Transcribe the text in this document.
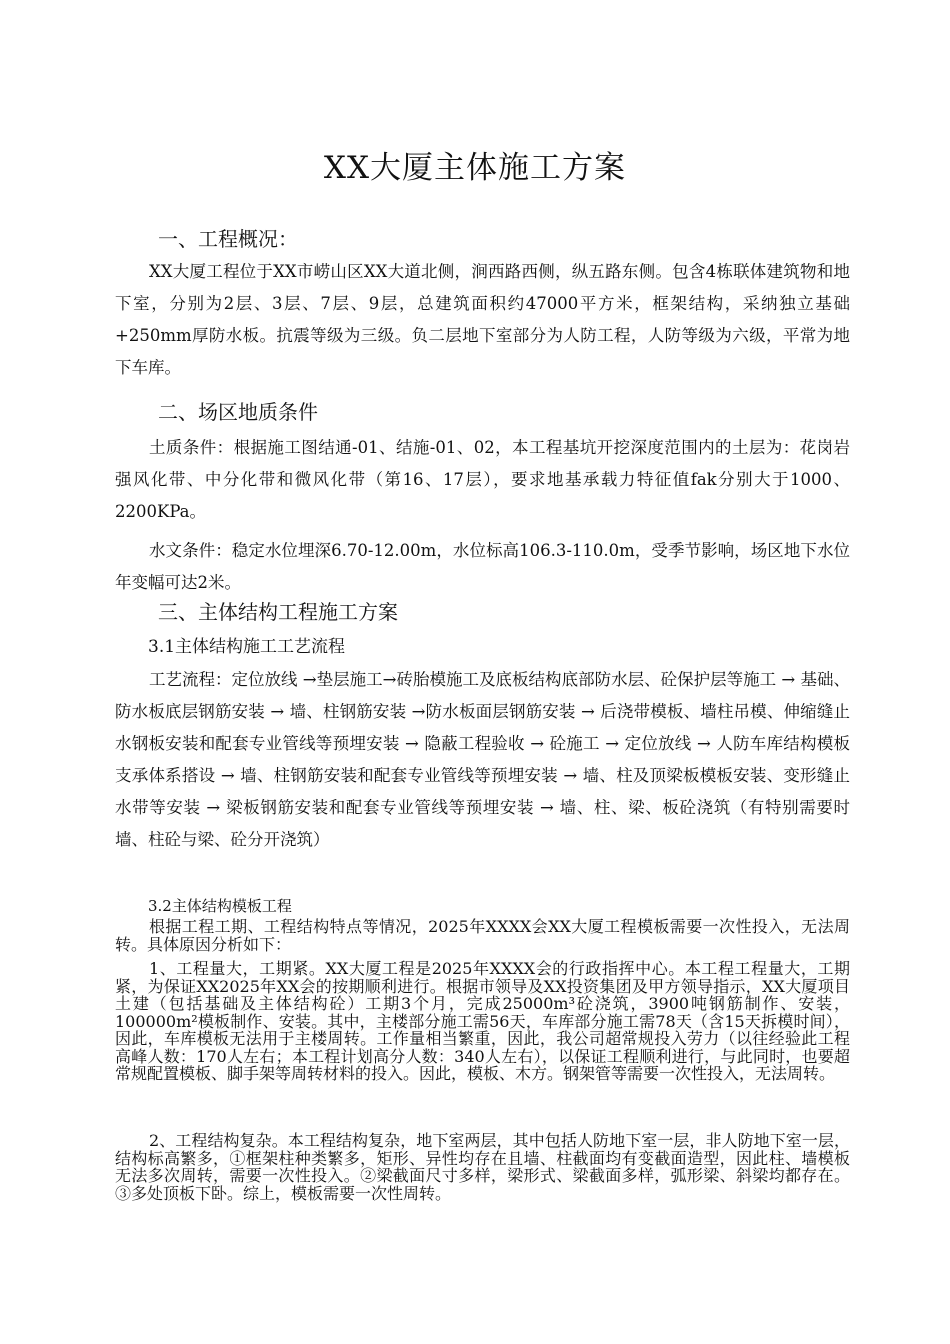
XX大厦主体施工方案
一、工程概况：

XX大厦工程位于XX市崂山区XX大道北侧，涧西路西侧，纵五路东侧。包含4栋联体建筑物和地下室，分别为2层、3层、7层、9层，总建筑面积约47000平方米，框架结构，采纳独立基础+250mm厚防水板。抗震等级为三级。负二层地下室部分为人防工程，人防等级为六级，平常为地下车库。

二、场区地质条件

土质条件：根据施工图结通-01、结施-01、02，本工程基坑开挖深度范围内的土层为：花岗岩强风化带、中分化带和微风化带（第16、17层），要求地基承载力特征值fak分别大于1000、2200KPa。

水文条件：稳定水位埋深6.70-12.00m，水位标高106.3-110.0m，受季节影响，场区地下水位年变幅可达2米。

三、主体结构工程施工方案
3.1主体结构施工工艺流程

工艺流程：定位放线 →垫层施工→砖胎模施工及底板结构底部防水层、砼保护层等施工 → 基础、防水板底层钢筋安装 → 墙、柱钢筋安装 →防水板面层钢筋安装 → 后浇带模板、墙柱吊模、伸缩缝止水钢板安装和配套专业管线等预埋安装 → 隐蔽工程验收 → 砼施工 → 定位放线 → 人防车库结构模板支承体系搭设 → 墙、柱钢筋安装和配套专业管线等预埋安装 → 墙、柱及顶梁板模板安装、变形缝止水带等安装 → 梁板钢筋安装和配套专业管线等预埋安装 → 墙、柱、梁、板砼浇筑（有特别需要时墙、柱砼与梁、砼分开浇筑）

3.2主体结构模板工程

根据工程工期、工程结构特点等情况，2025年XXXX会XX大厦工程模板需要一次性投入，无法周转。具体原因分析如下：

1、工程量大，工期紧。XX大厦工程是2025年XXXX会的行政指挥中心。本工程工程量大，工期紧，为保证XX2025年XX会的按期顺利进行。根据市领导及XX投资集团及甲方领导指示，XX大厦项目土建（包括基础及主体结构砼）工期3个月，完成25000m³砼浇筑，3900吨钢筋制作、安装，100000m²模板制作、安装。其中，主楼部分施工需56天，车库部分施工需78天（含15天拆模时间），因此，车库模板无法用于主楼周转。工作量相当繁重，因此，我公司超常规投入劳力（以往经验此工程高峰人数：170人左右；本工程计划高分人数：340人左右），以保证工程顺利进行，与此同时，也要超常规配置模板、脚手架等周转材料的投入。因此，模板、木方。钢架管等需要一次性投入，无法周转。

2、工程结构复杂。本工程结构复杂，地下室两层，其中包括人防地下室一层，非人防地下室一层，结构标高繁多，①框架柱种类繁多，矩形、异性均存在且墙、柱截面均有变截面造型，因此柱、墙模板无法多次周转，需要一次性投入。②梁截面尺寸多样，梁形式、梁截面多样，弧形梁、斜梁均都存在。③多处顶板下卧。综上，模板需要一次性周转。
